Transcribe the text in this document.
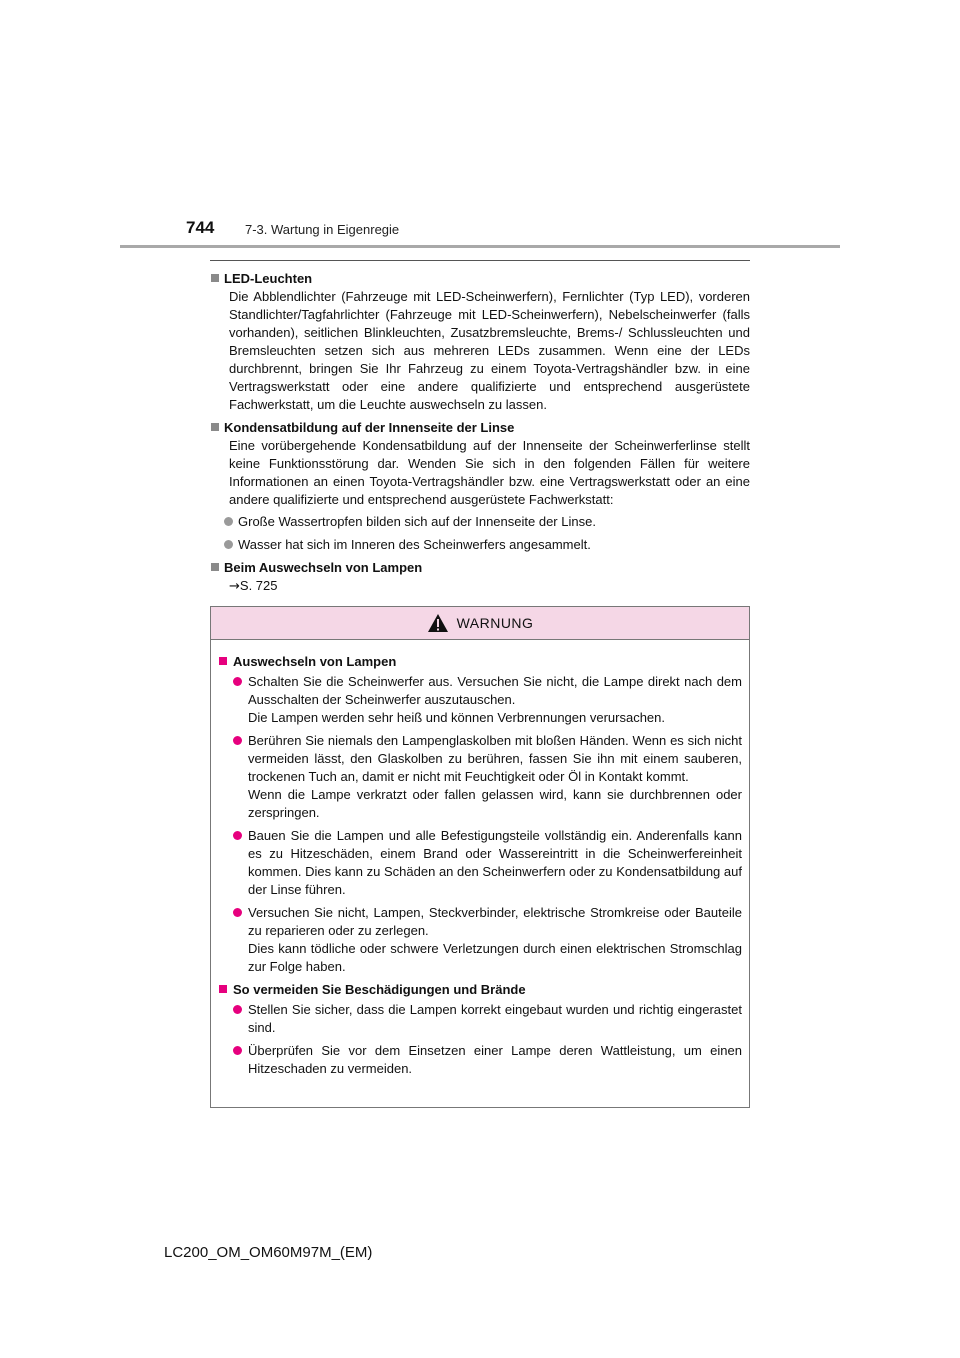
744 7-3. Wartung in Eigenregie
LED-Leuchten
Die Abblendlichter (Fahrzeuge mit LED-Scheinwerfern), Fernlichter (Typ LED), vorderen Standlichter/Tagfahrlichter (Fahrzeuge mit LED-Scheinwerfern), Nebelscheinwerfer (falls vorhanden), seitlichen Blinkleuchten, Zusatzbremsleuchte, Brems-/ Schlussleuchten und Bremsleuchten setzen sich aus mehreren LEDs zusammen. Wenn eine der LEDs durchbrennt, bringen Sie Ihr Fahrzeug zu einem Toyota-Vertragshändler bzw. in eine Vertragswerkstatt oder eine andere qualifizierte und entsprechend ausgerüstete Fachwerkstatt, um die Leuchte auswechseln zu lassen.
Kondensatbildung auf der Innenseite der Linse
Eine vorübergehende Kondensatbildung auf der Innenseite der Scheinwerferlinse stellt keine Funktionsstörung dar. Wenden Sie sich in den folgenden Fällen für weitere Informationen an einen Toyota-Vertragshändler bzw. eine Vertragswerkstatt oder an eine andere qualifizierte und entsprechend ausgerüstete Fachwerkstatt:
Große Wassertropfen bilden sich auf der Innenseite der Linse.
Wasser hat sich im Inneren des Scheinwerfers angesammelt.
Beim Auswechseln von Lampen
→S. 725
WARNUNG
Auswechseln von Lampen
Schalten Sie die Scheinwerfer aus. Versuchen Sie nicht, die Lampe direkt nach dem Ausschalten der Scheinwerfer auszutauschen.
Die Lampen werden sehr heiß und können Verbrennungen verursachen.
Berühren Sie niemals den Lampenglaskolben mit bloßen Händen. Wenn es sich nicht vermeiden lässt, den Glaskolben zu berühren, fassen Sie ihn mit einem sauberen, trockenen Tuch an, damit er nicht mit Feuchtigkeit oder Öl in Kontakt kommt.
Wenn die Lampe verkratzt oder fallen gelassen wird, kann sie durchbrennen oder zerspringen.
Bauen Sie die Lampen und alle Befestigungsteile vollständig ein. Anderenfalls kann es zu Hitzeschäden, einem Brand oder Wassereintritt in die Scheinwerfereinheit kommen. Dies kann zu Schäden an den Scheinwerfern oder zu Kondensatbildung auf der Linse führen.
Versuchen Sie nicht, Lampen, Steckverbinder, elektrische Stromkreise oder Bauteile zu reparieren oder zu zerlegen.
Dies kann tödliche oder schwere Verletzungen durch einen elektrischen Stromschlag zur Folge haben.
So vermeiden Sie Beschädigungen und Brände
Stellen Sie sicher, dass die Lampen korrekt eingebaut wurden und richtig eingerastet sind.
Überprüfen Sie vor dem Einsetzen einer Lampe deren Wattleistung, um einen Hitzeschaden zu vermeiden.
LC200_OM_OM60M97M_(EM)
